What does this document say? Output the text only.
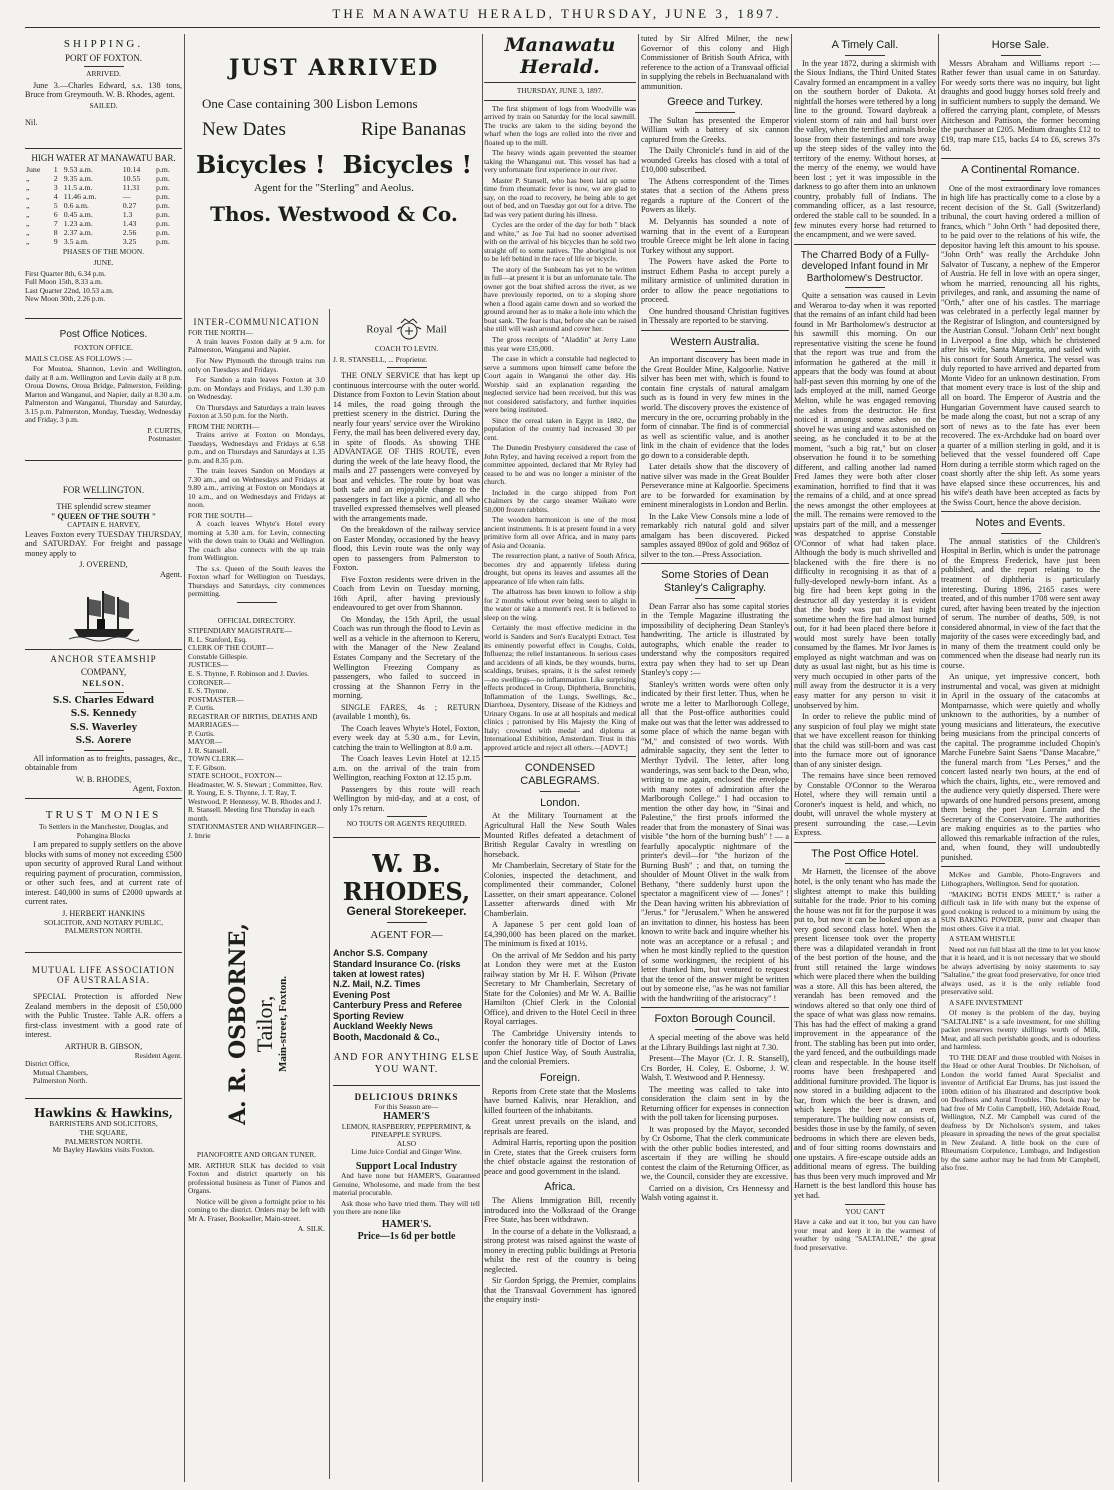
THE MANAWATU HERALD, THURSDAY, JUNE 3, 1897.
SHIPPING.
PORT OF FOXTON.
ARRIVED.
June 3.—Charles Edward, s.s. 138 tons, Bruce from Greymouth. W. B. Rhodes, agent.
SAILED.
Nil.
HIGH WATER AT MANAWATU BAR.
June	1	9.53 a.m.	10.14	p.m.
„	2	9.35 a.m.	10.55	p.m.
„	3	11.5 a.m.	11.31	p.m.
„	4	11.46 a.m.	—	p.m.
„	5	0.6 a.m.	0.27	p.m.
„	6	0.45 a.m.	1.3	p.m.
„	7	1.23 a.m.	1.43	p.m.
„	8	2.37 a.m.	2.56	p.m.
„	9	3.5 a.m.	3.25	p.m.
PHASES OF THE MOON.
JUNE.
First Quarter 8th, 6.34 p.m.
Full Moon 15th, 8.33 a.m.
Last Quarter 22nd, 10.53 a.m.
New Moon 30th, 2.26 p.m.
Post Office Notices.
FOXTON OFFICE.
MAILS CLOSE AS FOLLOWS :—
For Moutoa, Shannon, Levin and Wellington, daily at 8 a.m. Wellington and Levin daily at 8 p.m. Oroua Downs, Oroua Bridge, Palmerston, Feilding, Marton and Wanganui, and Napier, daily at 8.30 a.m. Palmerston and Wanganui, Thursday and Saturday, 3.15 p.m. Palmerston, Monday, Tuesday, Wednesday and Friday, 3 p.m.
P. CURTIS,
Postmaster.
FOR WELLINGTON.
THE splendid screw steamer
" QUEEN OF THE SOUTH "
CAPTAIN E. HARVEY,
Leaves Foxton every TUESDAY THURSDAY, and SATURDAY. For freight and passage money apply to
J. OVEREND,
Agent.
ANCHOR STEAMSHIP
COMPANY,
NELSON.
S.S. Charles Edward
S.S. Kennedy
S.S. Waverley
S.S. Aorere
All information as to freights, passages, &c., obtainable from
W. B. RHODES,
Agent, Foxton.
TRUST MONIES
To Settlers in the Manchester, Douglas, and Pohangina Blocks
I am prepared to supply settlers on the above blocks with sums of money not exceeding £500 upon security of approved Rural Land without requiring payment of procuration, commission, or other such fees, and at current rate of interest. £40,000 in sums of £2000 upwards at current rates.
J. HERBERT HANKINS
SOLICITOR, AND NOTARY PUBLIC,
PALMERSTON NORTH.
MUTUAL LIFE ASSOCIATION OF AUSTRALASIA.
SPECIAL Protection is afforded New Zealand members in the deposit of £50,000 with the Public Trustee. Table A.R. offers a first-class investment with a good rate of interest.
ARTHUR B. GIBSON,
Resident Agent.
District Office,
Mutual Chambers,
Palmerston North.
Hawkins & Hawkins,
BARRISTERS AND SOLICITORS,
THE SQUARE,
PALMERSTON NORTH.
Mr Bayley Hawkins visits Foxton.
JUST ARRIVED
One Case containing 300 Lisbon Lemons
New Dates	Ripe Bananas
Bicycles ! Bicycles !
Agent for the "Sterling" and Aeolus.
Thos. Westwood & Co.
INTER-COMMUNICATION
FOR THE NORTH—
A train leaves Foxton daily at 9 a.m. for Palmerston, Wanganui and Napier.
For New Plymouth the through trains run only on Tuesdays and Fridays.
For Sandon a train leaves Foxton at 3.0 p.m. on Mondays and Fridays, and 1.30 p.m on Wednesday.
On Thursdays and Saturdays a train leaves Foxton at 3.50 p.m. for the North.
FROM THE NORTH—
Trains arrive at Foxton on Mondays, Tuesdays, Wednesdays and Fridays at 6.58 p.m., and on Thursdays and Saturdays at 1.35 p.m. and 8.35 p.m.
The train leaves Sandon on Mondays at 7.30 am., and on Wednesdays and Fridays at 9.80 a.m., arriving at Foxton on Mondays at 10 a.m., and on Wednesdays and Fridays at noon.
FOR THE SOUTH—
A coach leaves Whyte's Hotel every morning at 5.30 a.m. for Levin, connecting with the down train to Otaki and Wellington. The coach also connects with the up train from Wellington.
The s.s. Queen of the South leaves the Foxton wharf for Wellington on Tuesdays, Thursdays and Saturdays, city commences permitting.
OFFICIAL DIRECTORY.
STIPENDIARY MAGISTRATE—
R. L. Stanford, Esq.
CLERK OF THE COURT—
Constable Gillespie.
JUSTICES—
E. S. Thynne, F. Robinson and J. Davies.
CORONER—
E. S. Thynne.
POSTMASTER—
P. Curtis.
REGISTRAR OF BIRTHS, DEATHS AND MARRIAGES—
P. Curtis.
MAYOR—
J. R. Stansell.
TOWN CLERK—
T. F. Gibson.
STATE SCHOOL, FOXTON—
Headmaster, W. S. Stewart ; Committee, Rev. R. Young, E. S. Thynne, J. T. Ray, T. Westwood, P. Hennessy, W. B. Rhodes and J. R. Stansell. Meeting first Thursday in each month.
STATIONMASTER AND WHARFINGER—
J. Imrie
A. R. OSBORNE, Tailor, Main-street, Foxton.
PIANOFORTE AND ORGAN TUNER.
MR. ARTHUR SILK has decided to visit Foxton and district quarterly on his professional business as Tuner of Pianos and Organs.
Notice will be given a fortnight prior to his coming to the district. Orders may be left with Mr A. Fraser, Bookseller, Main-street.
A. SILK.
Royal	Mail
COACH TO LEVIN.
J. R. STANSELL, ... Proprietor.
THE ONLY SERVICE that has kept up continuous intercourse with the outer world. Distance from Foxton to Levin Station about 14 miles, the road going through the prettiest scenery in the district. During the nearly four years' service over the Wirokino Ferry, the mail has been delivered every day, in spite of floods. As showing THE ADVANTAGE OF THIS ROUTE, even during the week of the late heavy flood, the mails and 27 passengers were conveyed by boat and vehicles. The route by boat was both safe and an enjoyable change to the passengers in fact like a picnic, and all who travelled expressed themselves well pleased with the arrangements made.
On the breakdown of the railway service on Easter Monday, occasioned by the heavy flood, this Levin route was the only way open to passengers from Palmerston to Foxton.
Five Foxton residents were driven in the Coach from Levin on Tuesday morning, 16th April, after having previously endeavoured to get over from Shannon.
On Monday, the 15th April, the usual Coach was run through the flood to Levin as well as a vehicle in the afternoon to Kereru, with the Manager of the New Zealand Estates Company and the Secretary of the Wellington Freezing Company as passengers, who failed to succeed in crossing at the Shannon Ferry in the morning.
SINGLE FARES, 4s ; RETURN (available 1 month), 6s.
The Coach leaves Whyte's Hotel, Foxton, every week day at 5.30 a.m., for Levin, catching the train to Wellington at 8.0 a.m.
The Coach leaves Levin Hotel at 12.15 a.m. on the arrival of the train from Wellington, reaching Foxton at 12.15 p.m.
Passengers by this route will reach Wellington by mid-day, and at a cost, of only 17s return.
NO TOUTS OR AGENTS REQUIRED.
W. B. RHODES,
General Storekeeper.
AGENT FOR—
Anchor S.S. Company
Standard Insurance Co. (risks taken at lowest rates)
N.Z. Mail, N.Z. Times
Evening Post
Canterbury Press and Referee
Sporting Review
Auckland Weekly News
Booth, Macdonald & Co.,
AND FOR ANYTHING ELSE YOU WANT.
DELICIOUS DRINKS
For this Season are—
HAMER'S
LEMON, RASPBERRY, PEPPERMINT, & PINEAPPLE SYRUPS.
ALSO
Lime Juice Cordial and Ginger Wine.
Support Local Industry
And have none but HAMER'S, Guaranteed Genuine, Wholesome, and made from the best material procurable.
Ask those who have tried them. They will tell you there are none like
HAMER'S.
Price—1s 6d per bottle
Manawatu Herald.
THURSDAY, JUNE 3, 1897.
The first shipment of logs from Woodville was arrived by train on Saturday for the local sawmill. The trucks are taken to the siding beyond the wharf when the logs are rolled into the river and floated up to the mill.
The heavy winds again prevented the steamer taking the Whanganui out. This vessel has had a very unfortunate first experience in our river.
Master P. Stansell, who has been laid up some time from rheumatic fever is now, we are glad to say, on the road to recovery, he being able to get out of bed, and on Tuesday got out for a drive. The lad was very patient during his illness.
Cycles are the order of the day for both " black and white," as Joe Tui had no sooner advertised with on the arrival of his bicycles than he sold two straight off to some natives. The aboriginal is not to be left behind in the race of life or bicycle.
The story of the Sunbeam has yet to be written in full—at present it is but an unfortunate tale. The owner got the boat shifted across the river, as we have previously reported, on to a sloping shore when a flood again came down and so worked the ground around her as to make a hole into which the boat sank. The fear is that, before she can be raised she still will wash around and cover her.
The gross receipts of "Aladdin" at Jerry Lane this year were £35,000.
The case in which a constable had neglected to serve a summons upon himself came before the Court again in Wanganui the other day. His Worship said an explanation regarding the neglected service had been received, but this was not considered satisfactory, and further inquiries were being instituted.
Since the cereal taken in Egypt in 1882, the population of the country had increased 30 per cent.
The Dunedin Presbytery considered the case of John Ryley, and having received a report from the committee appointed, declared that Mr Ryley had ceased to be and was no longer a minister of the church.
Included in the cargo shipped from Port Chalmers by the cargo steamer Waikato were 50,000 frozen rabbits.
The wooden harmonicon is one of the most ancient instruments. It is at present found in a very primitive form all over Africa, and in many parts of Asia and Oceania.
The resurrection plant, a native of South Africa, becomes dry and apparently lifeless during drought, but opens its leaves and assumes all the appearance of life when rain falls.
The albatross has been known to follow a ship for 2 months without ever being seen to alight in the water or take a moment's rest. It is believed to sleep on the wing.
Certainly the most effective medicine in the world is Sanders and Son's Eucalypti Extract. Test its eminently powerful effect in Coughs, Colds, Influenza; the relief instantaneous. In serious cases and accidents of all kinds, be they wounds, burns, scaldings, bruises, sprains, it is the safest remedy—no swellings—no inflammation. Like surprising effects produced in Croup, Diphtheria, Bronchitis, Inflammation of the Lungs, Swellings, &c., Diarrhoea, Dysentery, Disease of the Kidneys and Urinary Organs. In use at all hospitals and medical clinics ; patronised by His Majesty the King of Italy; crowned with medal and diploma at International Exhibition, Amsterdam. Trust in this approved article and reject all others.—[ADVT.]
CONDENSED CABLEGRAMS.
London.
At the Military Tournament at the Agricultural Hall the New South Wales Mounted Rifles defeated a detachment of British Regular Cavalry in wrestling on horseback.
Mr Chamberlain, Secretary of State for the Colonies, inspected the detachment, and complimented their commander, Colonel Lassetter, on their smart appearance. Colonel Lassetter afterwards dined with Mr Chamberlain.
A Japanese 5 per cent gold loan of £4,390,000 has been placed on the market. The minimum is fixed at 101½.
On the arrival of Mr Seddon and his party at London they were met at the Euston railway station by Mr H. F. Wilson (Private Secretary to Mr Chamberlain, Secretary of State for the Colonies) and Mr W. A. Baillie Hamilton (Chief Clerk in the Colonial Office), and driven to the Hotel Cecil in three Royal carriages.
The Cambridge University intends to confer the honorary title of Doctor of Laws upon Chief Justice Way, of South Australia, and the colonial Premiers.
Foreign.
Reports from Crete state that the Moslems have burned Kalivis, near Heraklion, and killed fourteen of the inhabitants.
Great unrest prevails on the island, and reprisals are feared.
Admiral Harris, reporting upon the position in Crete, states that the Greek cruisers form the chief obstacle against the restoration of peace and good government in the island.
Africa.
The Aliens Immigration Bill, recently introduced into the Volksraad of the Orange Free State, has been withdrawn.
In the course of a debate in the Volksraad, a strong protest was raised against the waste of money in erecting public buildings at Pretoria whilst the rest of the country is being neglected.
Sir Gordon Sprigg, the Premier, complains that the Transvaal Government has ignored the enquiry insti-
tuted by Sir Alfred Milner, the new Governor of this colony and High Commissioner of British South Africa, with reference to the action of a Transvaal official in supplying the rebels in Bechuanaland with ammunition.
Greece and Turkey.
The Sultan has presented the Emperor William with a battery of six cannon captured from the Greeks.
The Daily Chronicle's fund in aid of the wounded Greeks has closed with a total of £10,000 subscribed.
The Athens correspondent of the Times states that a section of the Athens press regards a rupture of the Concert of the Powers as likely.
M. Delyannis has sounded a note of warning that in the event of a European trouble Greece might be left alone in facing Turkey without any support.
The Powers have asked the Porte to instruct Edhem Pasha to accept purely a military armistice of unlimited duration in order to allow the peace negotiations to proceed.
One hundred thousand Christian fugitives in Thessaly are reported to be starving.
Western Australia.
An important discovery has been made in the Great Boulder Mine, Kalgoorlie. Native silver has been met with, which is found to contain fine crystals of natural amalgam such as is found in very few mines in the world. The discovery proves the existence of mercury in the ore, occurring probably in the form of cinnabar. The find is of commercial as well as scientific value, and is another link in the chain of evidence that the lodes go down to a considerable depth.
Later details show that the discovery of native silver was made in the Great Boulder Perseverance mine at Kalgoorlie. Specimens are to be forwarded for examination by eminent mineralogists in London and Berlin.
In the Lake View Consols mine a lode of remarkably rich natural gold and silver amalgam has been discovered. Picked samples assayed 890oz of gold and 968oz of silver to the ton.—Press Association.
Some Stories of Dean Stanley's Caligraphy.
Dean Farrar also has some capital stories in the Temple Magazine illustrating the impossibility of deciphering Dean Stanley's handwriting. The article is illustrated by autographs, which enable the reader to understand why the compositors required extra pay when they had to set up Dean Stanley's copy :—
Stanley's written words were often only indicated by their first letter. Thus, when he wrote me a letter to Marlborough College, all that the Post-office authorities could make out was that the letter was addressed to some place of which the name began with "M," and consisted of two words. With admirable sagacity, they sent the letter to Merthyr Tydvil. The letter, after long wanderings, was sent back to the Dean, who, writing to me again, enclosed the envelope with many notes of admiration after the Marlborough College." I had occasion to mention the other day how, in "Sinai and Palestine," the first proofs informed the reader that from the monastery of Sinai was visible "the horn of the burning bush" ! — a fearfully apocalyptic nightmare of the printer's devil—for "the horizon of the Burning Bush" ; and that, on turning the shoulder of Mount Olivet in the walk from Bethany, "there suddenly burst upon the spectator a magnificent view of — Jones" ! the Dean having written his abbreviation of "Jerus." for "Jerusalem." When he answered an invitation to dinner, his hostess has been known to write back and inquire whether his note was an acceptance or a refusal ; and when he most kindly replied to the question of some workingmen, the recipient of his letter thanked him, but ventured to request that the tenor of the answer might be written out by someone else, "as he was not familiar with the handwriting of the aristocracy" !
Foxton Borough Council.
A special meeting of the above was held at the Library Buildings last night at 7.30.
Present—The Mayor (Cr. J. R. Stansell), Crs Border, H. Coley, E. Osborne, J. W. Walsh, T. Westwood and P. Hennessy.
The meeting was called to take into consideration the claim sent in by the Returning officer for expenses in connection with the poll taken for licensing purposes.
It was proposed by the Mayor, seconded by Cr Osborne, That the clerk communicate with the other public bodies interested, and ascertain if they are willing he should contest the claim of the Returning Officer, as we, the Council, consider they are excessive.
Carried on a division, Crs Hennessy and Walsh voting against it.
A Timely Call.
In the year 1872, during a skirmish with the Sioux Indians, the Third United States Cavalry formed an encampment in a valley on the southern border of Dakota. At nightfall the horses were tethered by a long line to the ground. Toward daybreak a violent storm of rain and hail burst over the valley, when the terrified animals broke loose from their fastenings and tore away up the steep sides of the valley into the territory of the enemy. Without horses, at the mercy of the enemy, we would have been lost ; yet it was impossible in the darkness to go after them into an unknown country, probably full of Indians. The commanding officer, as a last resource, ordered the stable call to be sounded. In a few minutes every horse had returned to the encampment, and we were saved.
The Charred Body of a Fully-developed Infant found in Mr Bartholomew's Destructor.
Quite a sensation was caused in Levin and Weraroa to-day when it was reported that the remains of an infant child had been found in Mr Bartholomew's destructor at his sawmill this morning. On our representative visiting the scene he found that the report was true and from the information he gathered at the mill it appears that the body was found at about half-past seven this morning by one of the lads employed at the mill, named George Melton, while he was engaged removing the ashes from the destructor. He first noticed it amongst some ashes on the shovel he was using and was astonished on seeing, as he concluded it to be at the moment, "such a big rat," but on closer observation he found it to be something different, and calling another lad named Fred James they were both after closer examination, horrified to find that it was the remains of a child, and at once spread the news amongst the other employees at the mill. The remains were removed to the upstairs part of the mill, and a messenger was despatched to apprise Constable O'Connor of what had taken place. Although the body is much shrivelled and blackened with the fire there is no difficulty in recognising it as that of a fully-developed newly-born infant. As a big fire had been kept going in the destructor all day yesterday it is evident that the body was put in last night sometime when the fire had almost burned out, for it had been placed there before it would most surely have been totally consumed by the flames. Mr Ivor James is employed as night watchman and was on duty as usual last night, but as his time is very much occupied in other parts of the mill away from the destructor it is a very easy matter for any person to visit it unobserved by him.
In order to relieve the public mind of any suspicion of foul play we might state that we have excellent reason for thinking that the child was still-born and was cast into the furnace more out of ignorance than of any sinister design.
The remains have since been removed by Constable O'Connor to the Weraroa Hotel, where they will remain until a Coroner's inquest is held, and which, no doubt, will unravel the whole mystery at present surrounding the case.—Levin Express.
The Post Office Hotel.
Mr Harnett, the licensee of the above hotel, is the only tenant who has made the slightest attempt to make this building suitable for the trade. Prior to his coming the house was not fit for the purpose it was put to, but now it can be looked upon as a very good second class hotel. When the present licensee took over the property there was a dilapidated verandah in front of the best portion of the house, and the front still retained the large windows which were placed there when the building was a store. All this has been altered, the verandah has been removed and the windows altered so that only one third of the space of what was glass now remains. This has had the effect of making a grand improvement in the appearance of the front. The stabling has been put into order, the yard fenced, and the outbuildings made clean and respectable. In the house itself rooms have been freshpapered and additional furniture provided. The liquor is now stored in a building adjacent to the bar, from which the beer is drawn, and which keeps the beer at an even temperature. The building now consists of, besides those in use by the family, of seven bedrooms in which there are eleven beds, and of four sitting rooms downstairs and one upstairs. A fire-escape outside adds an additional means of egress. The building has thus been very much improved and Mr Harnett is the best landlord this house has yet had.
YOU CAN'T
Have a cake and eat it too, but you can have your meat and keep it in the warmest of weather by using "SALTALINE," the great food preservative.
Horse Sale.
Messrs Abraham and Williams report :—Rather fewer than usual came in on Saturday. For weedy sorts there was no inquiry, but light draughts and good buggy horses sold freely and in sufficient numbers to supply the demand. We offered the carrying plant, complete, of Messrs Aitcheson and Pattison, the former becoming the purchaser at £205. Medium draughts £12 to £19, trap mare £15, backs £4 to £6, screws 37s 6d.
A Continental Romance.
One of the most extraordinary love romances in high life has practically come to a close by a recent decision of the St. Gall (Switzerland) tribunal, the court having ordered a million of francs, which " John Orth " had deposited there, to be paid over to the relations of his wife, the depositor having left this amount to his spouse. "John Orth" was really the Archduke John Salvator of Tuscany, a nephew of the Emperor of Austria. He fell in love with an opera singer, whom he married, renouncing all his rights, privileges, and rank, and assuming the name of "Orth," after one of his castles. The marriage was celebrated in a perfectly legal manner by the Registrar of Islington, and countersigned by the Austrian Consul. "Johann Orth" next bought in Liverpool a fine ship, which he christened after his wife, Santa Margarita, and sailed with his consort for South America. The vessel was duly reported to have arrived and departed from Monte Video for an unknown destination. From that moment every trace is lost of the ship and all on board. The Emperor of Austria and the Hungarian Government have caused search to be made along the coast, but not a scrap of any sort of news as to the fate has ever been recovered. The ex-Archduke had on board over a quarter of a million sterling in gold, and it is believed that the vessel foundered off Cape Horn during a terrible storm which raged on the coast shortly after the ship left. As some years have elapsed since these occurrences, his and his wife's death have been accepted as facts by the Swiss Court, hence the above decision.
Notes and Events.
The annual statistics of the Children's Hospital in Berlin, which is under the patronage of the Empress Frederick, have just been published, and the report relating to the treatment of diphtheria is particularly interesting. During 1896, 2165 cases were treated, and of this number 1708 were sent away cured, after having been treated by the injection of serum. The number of deaths, 509, is not considered abnormal, in view of the fact that the majority of the cases were exceedingly bad, and in many of them the treatment could only be commenced when the disease had nearly run its course.
An unique, yet impressive concert, both instrumental and vocal, was given at midnight in April in the ossuary of the catacombs at Montparnasse, which were quietly and wholly unknown to the authorities, by a number of young musicians and litterateurs, the executive being musicians from the principal concerts of the capital. The programme included Chopin's Marche Funebre Saint Saens "Danse Macabre," the funeral march from "Les Perses," and the concert lasted nearly two hours, at the end of which the chairs, lights, etc., were removed and the audience very quietly dispersed. There were upwards of one hundred persons present, among them being the poet Jean Lorrain and the Secretary of the Conservatoire. The authorities are making enquiries as to the parties who allowed this remarkable infraction of the rules, and, when found, they will undoubtedly punished.
McKee and Gamble, Photo-Engravers and Lithographers, Wellington. Send for quotation.
"MAKING BOTH ENDS MEET," is rather a difficult task in life with many but the expense of good cooking is reduced to a minimum by using the SUN BAKING POWDER, purer and cheaper than most others. Give it a trial.
A STEAM WHISTLE
Need not run full blast all the time to let you know that it is heard, and it is not necessary that we should be always advertising by noisy statements to say "Saltaline," the great food preservative, for once tried always used, as it is the only reliable food preservative sold.
A SAFE INVESTMENT
Of money is the problem of the day, buying "SALTALINE" is a safe investment, for one shilling packet preserves twenty shillings worth of Milk, Meat, and all such perishable goods, and is odourless and harmless.
TO THE DEAF and those troubled with Noises in the Head or other Aural Troubles. Dr Nicholson, of London the world famed Aural Specialist and inventor of Artificial Ear Drums, has just issued the 100th edition of his illustrated and descriptive book on Deafness and Aural Troubles. This book may be had free of Mr Colin Campbell, 160, Adelaide Road, Wellington, N.Z. Mr Campbell was cured of the deafness by Dr Nicholson's system, and takes pleasure in spreading the news of the great specialist in New Zealand. A little book on the cure of Rheumatism Corpulence, Lumbago, and Indigestion by the same author may be had from Mr Campbell, also free.
